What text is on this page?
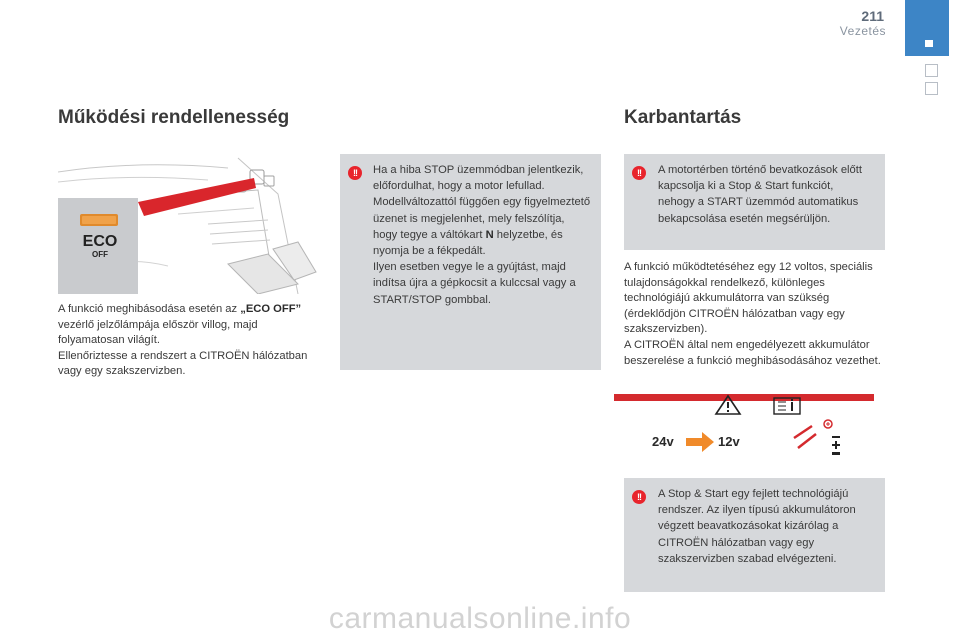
211
Vezetés
Működési rendellenesség
ECO
OFF
A funkció meghibásodása esetén az „ECO OFF” vezérlő jelzőlámpája először villog, majd folyamatosan világít.
Ellenőriztesse a rendszert a CITROËN hálózatban vagy egy szakszervizben.
!!	Ha a hiba STOP üzemmódban jelentkezik, előfordulhat, hogy a motor lefullad.
Modellváltozattól függően egy figyelmeztető üzenet is megjelenhet, mely felszólítja, hogy tegye a váltókart N helyzetbe, és nyomja be a fékpedált.
Ilyen esetben vegye le a gyújtást, majd indítsa újra a gépkocsit a kulccsal vagy a START/STOP gombbal.
Karbantartás
!!	A motortérben történő bevatkozások előtt kapcsolja ki a Stop & Start funkciót, nehogy a START üzemmód automatikus bekapcsolása esetén megsérüljön.
A funkció működtetéséhez egy 12 voltos, speciális tulajdonságokkal rendelkező, különleges technológiájú akkumulátorra van szükség (érdeklődjön CITROËN hálózatban vagy egy szakszervizben).
A CITROËN által nem engedélyezett akkumulátor beszerelése a funkció meghibásodásához vezethet.
24v	12v
!!	A Stop & Start egy fejlett technológiájú rendszer. Az ilyen típusú akkumulátoron végzett beavatkozásokat kizárólag a CITROËN hálózatban vagy egy szakszervizben szabad elvégezteni.
carmanualsonline.info
